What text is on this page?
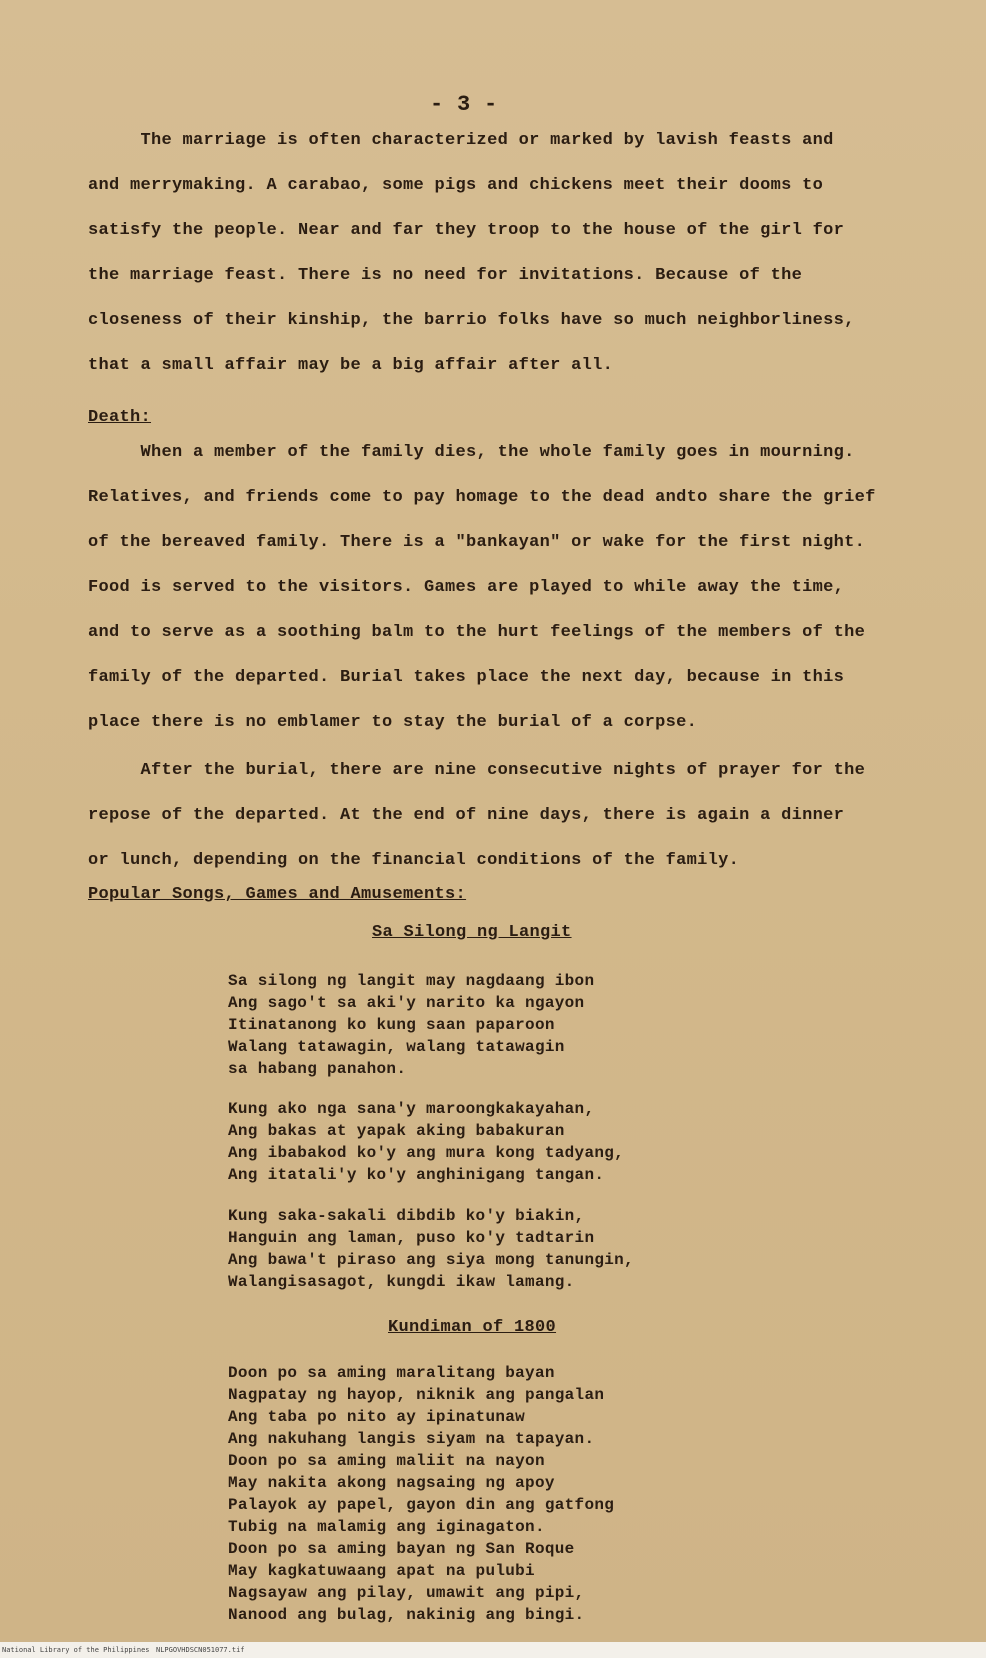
- 3 -
The marriage is often characterized or marked by lavish feasts and
and merrymaking. A carabao, some pigs and chickens meet their dooms to
satisfy the people. Near and far they troop to the house of the girl for
the marriage feast. There is no need for invitations. Because of the
closeness of their kinship, the barrio folks have so much neighborliness,
that a small affair may be a big affair after all.
Death:
When a member of the family dies, the whole family goes in mourning.
Relatives, and friends come to pay homage to the dead andto share the grief
of the bereaved family. There is a "bankayan" or wake for the first night.
Food is served to the visitors. Games are played to while away the time,
and to serve as a soothing balm to the hurt feelings of the members of the
family of the departed. Burial takes place the next day, because in this
place there is no emblamer to stay the burial of a corpse.
After the burial, there are nine consecutive nights of prayer for the
repose of the departed. At the end of nine days, there is again a dinner
or lunch, depending on the financial conditions of the family.
Popular Songs, Games and Amusements:
Sa Silong ng Langit
Sa silong ng langit may nagdaang ibon
Ang sago't sa aki'y narito ka ngayon
Itinatanong ko kung saan paparoon
Walang tatawagin, walang tatawagin
sa habang panahon.
Kung ako nga sana'y maroongkakayahan,
Ang bakas at yapak aking babakuran
Ang ibabakod ko'y ang mura kong tadyang,
Ang itatali'y ko'y anghinigang tangan.
Kung saka-sakali dibdib ko'y biakin,
Hanguin ang laman, puso ko'y tadtarin
Ang bawa't piraso ang siya mong tanungin,
Walangisasagot, kungdi ikaw lamang.
Kundiman of 1800
Doon po sa aming maralitang bayan
Nagpatay ng hayop, niknik ang pangalan
Ang taba po nito ay ipinatunaw
Ang nakuhang langis siyam na tapayan.
Doon po sa aming maliit na nayon
May nakita akong nagsaing ng apoy
Palayok ay papel, gayon din ang gatfong
Tubig na malamig ang iginagaton.
Doon po sa aming bayan ng San Roque
May kagkatuwaang apat na pulubi
Nagsayaw ang pilay, umawit ang pipi,
Nanood ang bulag, nakinig ang bingi.
National Library of the Philippines NLPGOVHDSCN051077.tif
